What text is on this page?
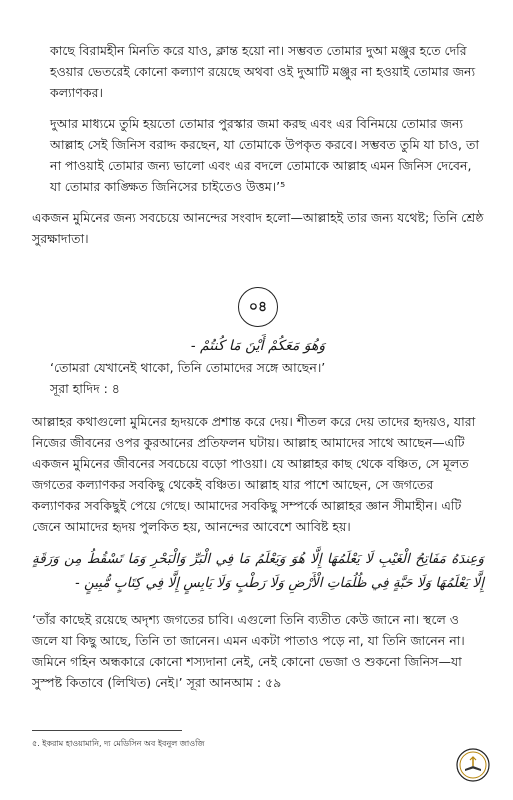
কাছে বিরামহীন মিনতি করে যাও, ক্লান্ত হয়ো না। সম্ভবত তোমার দুআ মঞ্জুর হতে দেরি হওয়ার ভেতরেই কোনো কল্যাণ রয়েছে অথবা ওই দুআটি মঞ্জুর না হওয়াই তোমার জন্য কল্যাণকর।

দুআর মাধ্যমে তুমি হয়তো তোমার পুরস্কার জমা করছ এবং এর বিনিময়ে তোমার জন্য আল্লাহ সেই জিনিস বরাদ্দ করছেন, যা তোমাকে উপকৃত করবে। সম্ভবত তুমি যা চাও, তা না পাওয়াই তোমার জন্য ভালো এবং এর বদলে তোমাকে আল্লাহ এমন জিনিস দেবেন, যা তোমার কাঙ্ক্ষিত জিনিসের চাইতেও উত্তম।’⁵

একজন মুমিনের জন্য সবচেয়ে আনন্দের সংবাদ হলো—আল্লাহই তার জন্য যথেষ্ট; তিনি শ্রেষ্ঠ সুরক্ষাদাতা।

০৪

وَهُوَ مَعَكُمْ أَيْنَ مَا كُنتُمْ -

‘তোমরা যেখানেই থাকো, তিনি তোমাদের সঙ্গে আছেন।’

সূরা হাদিদ : ৪

আল্লাহর কথাগুলো মুমিনের হৃদয়কে প্রশান্ত করে দেয়। শীতল করে দেয় তাদের হৃদয়ও, যারা নিজের জীবনের ওপর কুরআনের প্রতিফলন ঘটায়। আল্লাহ আমাদের সাথে আছেন—এটি একজন মুমিনের জীবনের সবচেয়ে বড়ো পাওয়া। যে আল্লাহর কাছ থেকে বঞ্চিত, সে মূলত জগতের কল্যাণকর সবকিছু থেকেই বঞ্চিত। আল্লাহ যার পাশে আছেন, সে জগতের কল্যাণকর সবকিছুই পেয়ে গেছে। আমাদের সবকিছু সম্পর্কে আল্লাহর জ্ঞান সীমাহীন। এটি জেনে আমাদের হৃদয় পুলকিত হয়, আনন্দের আবেশে আবিষ্ট হয়।

وَعِندَهُ مَفَاتِحُ الْغَيْبِ لَا يَعْلَمُهَا إِلَّا هُوَ وَيَعْلَمُ مَا فِي الْبَرِّ وَالْبَحْرِ وَمَا تَسْقُطُ مِن وَرَقَةٍ إِلَّا يَعْلَمُهَا وَلَا حَبَّةٍ فِي ظُلُمَاتِ الْأَرْضِ وَلَا رَطْبٍ وَلَا يَابِسٍ إِلَّا فِي كِتَابٍ مُّبِينٍ -

‘তাঁর কাছেই রয়েছে অদৃশ্য জগতের চাবি। এগুলো তিনি ব্যতীত কেউ জানে না। স্থলে ও জলে যা কিছু আছে, তিনি তা জানেন। এমন একটা পাতাও পড়ে না, যা তিনি জানেন না। জমিনে গহিন অন্ধকারে কোনো শস্যদানা নেই, নেই কোনো ভেজা ও শুকনো জিনিস—যা সুস্পষ্ট কিতাবে (লিখিত) নেই।’ সূরা আনআম : ৫৯

৫. ইকরাম হাওয়ামানি, দ্য মেডিসিন অব ইবনুল জাওজি
